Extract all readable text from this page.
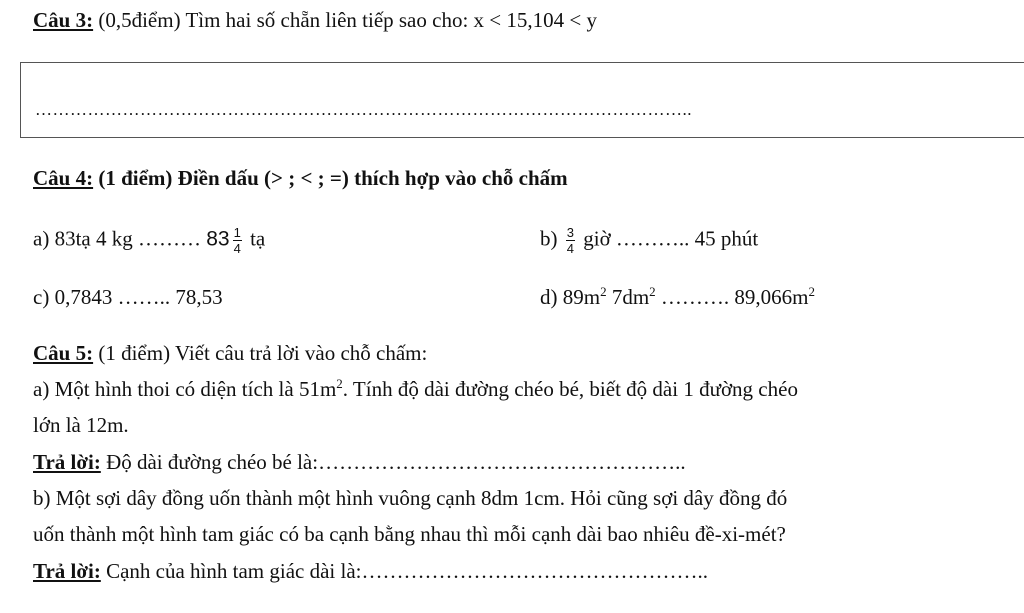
Câu 3: (0,5điểm) Tìm hai số chẵn liên tiếp sao cho: x < 15,104 < y
…………………………………………………………………………………………………..
Câu 4: (1 điểm) Điền dấu (> ; < ; =) thích hợp vào chỗ chấm
a) 83tạ 4 kg ……… $83 \frac{1}{4}$ tạ	$b) \frac{3}{4}$ giờ ……….. 45 phút
c) 0,7843 …….. 78,53	d) $89m^2$ $7dm^2$ ………. $89,066m^2$
Câu 5: (1 điểm) Viết câu trả lời vào chỗ chấm:
a) Một hình thoi có diện tích là $51m^2$. Tính độ dài đường chéo bé, biết độ dài 1 đường chéo
lớn là 12m.
Trả lời: Độ dài đường chéo bé là:……………………………………………..
b) Một sợi dây đồng uốn thành một hình vuông cạnh 8dm 1cm. Hỏi cũng sợi dây đồng đó
uốn thành một hình tam giác có ba cạnh bằng nhau thì mỗi cạnh dài bao nhiêu đề-xi-mét?
Trả lời: Cạnh của hình tam giác dài là:…………………………………………..
